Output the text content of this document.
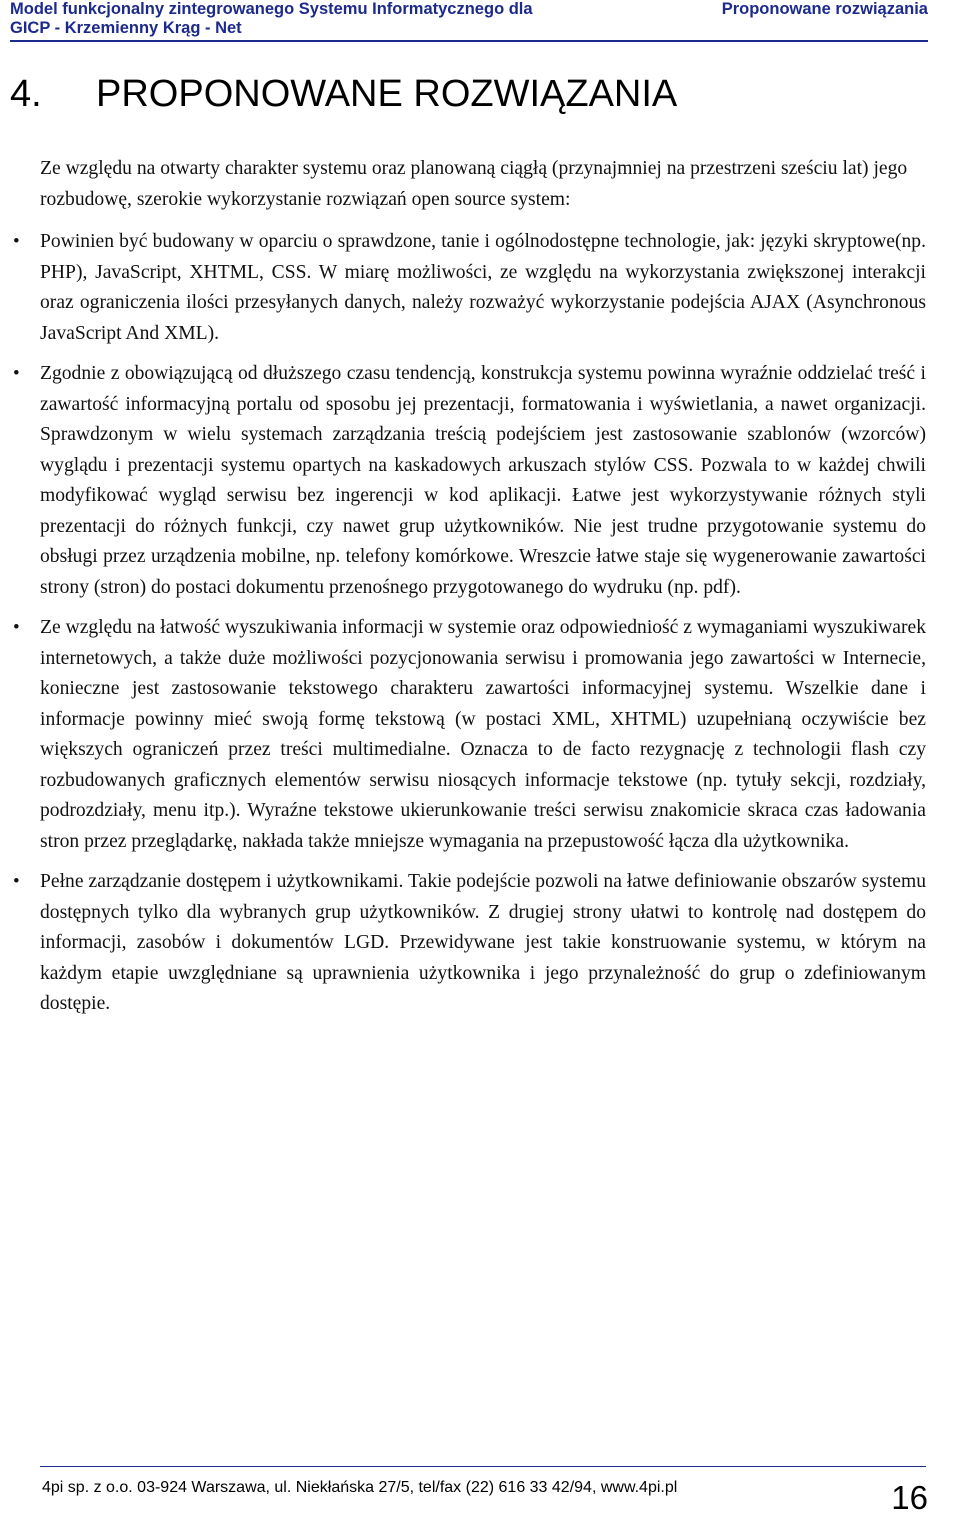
Model funkcjonalny zintegrowanego Systemu Informatycznego dla
GICP - Krzemienny Krąg - Net
Proponowane rozwiązania
4. PROPONOWANE ROZWIĄZANIA
Ze względu na otwarty charakter systemu oraz planowaną ciągłą (przynajmniej na przestrzeni sześciu lat) jego rozbudowę, szerokie wykorzystanie rozwiązań open source system:
• Powinien być budowany w oparciu o sprawdzone, tanie i ogólnodostępne technologie, jak: języki skryptowe(np. PHP), JavaScript, XHTML, CSS. W miarę możliwości, ze względu na wykorzystania zwiększonej interakcji oraz ograniczenia ilości przesyłanych danych, należy rozważyć wykorzystanie podejścia AJAX (Asynchronous JavaScript And XML).
• Zgodnie z obowiązującą od dłuższego czasu tendencją, konstrukcja systemu powinna wyraźnie oddzielać treść i zawartość informacyjną portalu od sposobu jej prezentacji, formatowania i wyświetlania, a nawet organizacji. Sprawdzonym w wielu systemach zarządzania treścią podejściem jest zastosowanie szablonów (wzorców) wyglądu i prezentacji systemu opartych na kaskadowych arkuszach stylów CSS. Pozwala to w każdej chwili modyfikować wygląd serwisu bez ingerencji w kod aplikacji. Łatwe jest wykorzystywanie różnych styli prezentacji do różnych funkcji, czy nawet grup użytkowników. Nie jest trudne przygotowanie systemu do obsługi przez urządzenia mobilne, np. telefony komórkowe. Wreszcie łatwe staje się wygenerowanie zawartości strony (stron) do postaci dokumentu przenośnego przygotowanego do wydruku (np. pdf).
• Ze względu na łatwość wyszukiwania informacji w systemie oraz odpowiedniość z wymaganiami wyszukiwarek internetowych, a także duże możliwości pozycjonowania serwisu i promowania jego zawartości w Internecie, konieczne jest zastosowanie tekstowego charakteru zawartości informacyjnej systemu. Wszelkie dane i informacje powinny mieć swoją formę tekstową (w postaci XML, XHTML) uzupełnianą oczywiście bez większych ograniczeń przez treści multimedialne. Oznacza to de facto rezygnację z technologii flash czy rozbudowanych graficznych elementów serwisu niosących informacje tekstowe (np. tytuły sekcji, rozdziały, podrozdziały, menu itp.). Wyraźne tekstowe ukierunkowanie treści serwisu znakomicie skraca czas ładowania stron przez przeglądarkę, nakłada także mniejsze wymagania na przepustowość łącza dla użytkownika.
• Pełne zarządzanie dostępem i użytkownikami. Takie podejście pozwoli na łatwe definiowanie obszarów systemu dostępnych tylko dla wybranych grup użytkowników. Z drugiej strony ułatwi to kontrolę nad dostępem do informacji, zasobów i dokumentów LGD. Przewidywane jest takie konstruowanie systemu, w którym na każdym etapie uwzględniane są uprawnienia użytkownika i jego przynależność do grup o zdefiniowanym dostępie.
4pi sp. z o.o. 03-924 Warszawa, ul. Niekłańska 27/5, tel/fax (22) 616 33 42/94, www.4pi.pl	16
